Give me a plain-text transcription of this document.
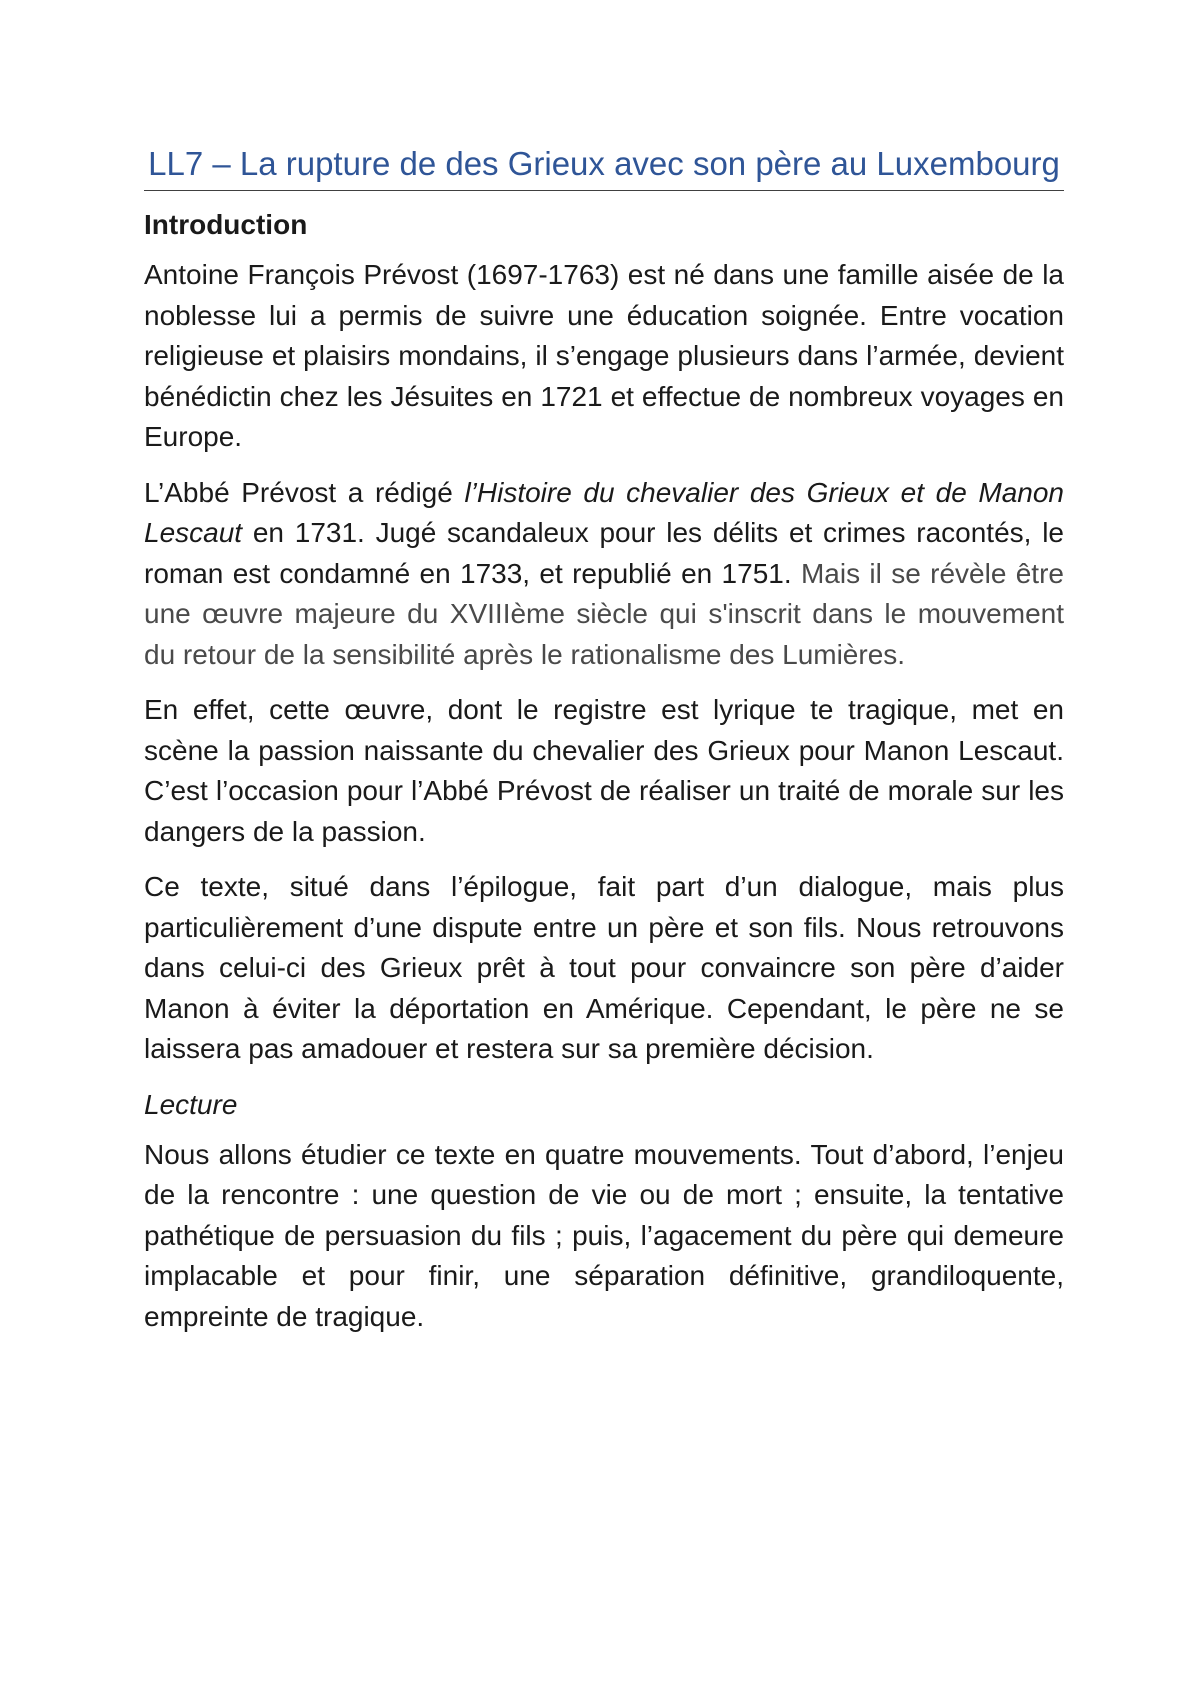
LL7 – La rupture de des Grieux avec son père au Luxembourg
Introduction

Antoine François Prévost (1697-1763) est né dans une famille aisée de la noblesse lui a permis de suivre une éducation soignée. Entre vocation religieuse et plaisirs mondains, il s’engage plusieurs dans l’armée, devient bénédictin chez les Jésuites en 1721 et effectue de nombreux voyages en Europe.

L’Abbé Prévost a rédigé l’Histoire du chevalier des Grieux et de Manon Lescaut en 1731. Jugé scandaleux pour les délits et crimes racontés, le roman est condamné en 1733, et republié en 1751. Mais il se révèle être une œuvre majeure du XVIIIème siècle qui s'inscrit dans le mouvement du retour de la sensibilité après le rationalisme des Lumières.

En effet, cette œuvre, dont le registre est lyrique te tragique, met en scène la passion naissante du chevalier des Grieux pour Manon Lescaut. C’est l’occasion pour l’Abbé Prévost de réaliser un traité de morale sur les dangers de la passion.

Ce texte, situé dans l’épilogue, fait part d’un dialogue, mais plus particulièrement d’une dispute entre un père et son fils. Nous retrouvons dans celui-ci des Grieux prêt à tout pour convaincre son père d’aider Manon à éviter la déportation en Amérique. Cependant, le père ne se laissera pas amadouer et restera sur sa première décision.

Lecture

Nous allons étudier ce texte en quatre mouvements. Tout d’abord, l’enjeu de la rencontre : une question de vie ou de mort ; ensuite, la tentative pathétique de persuasion du fils ; puis, l’agacement du père qui demeure implacable et pour finir, une séparation définitive, grandiloquente, empreinte de tragique.
